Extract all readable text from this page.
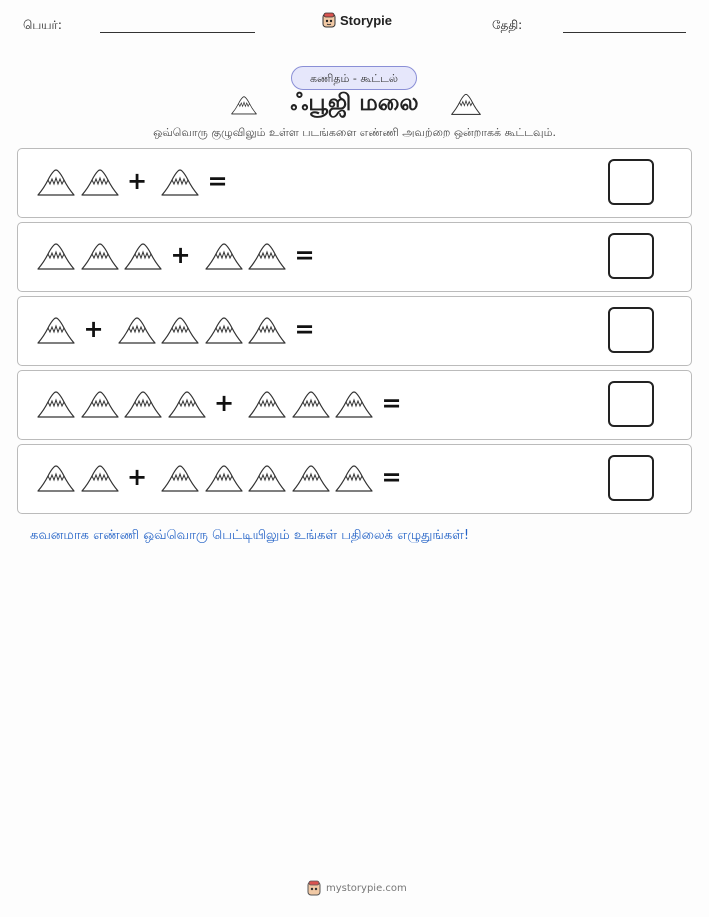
பெயர்:	Storypie	தேதி:
கணிதம் - கூட்டல்
ஃபூஜி மலை
ஒவ்வொரு குழுவிலும் உள்ள படங்களை எண்ணி அவற்றை ஒன்றாகக் கூட்டவும்.
+	=
+	=
+	=
+	=
+	=
கவனமாக எண்ணி ஒவ்வொரு பெட்டியிலும் உங்கள் பதிலைக் எழுதுங்கள்!
mystorypie.com
